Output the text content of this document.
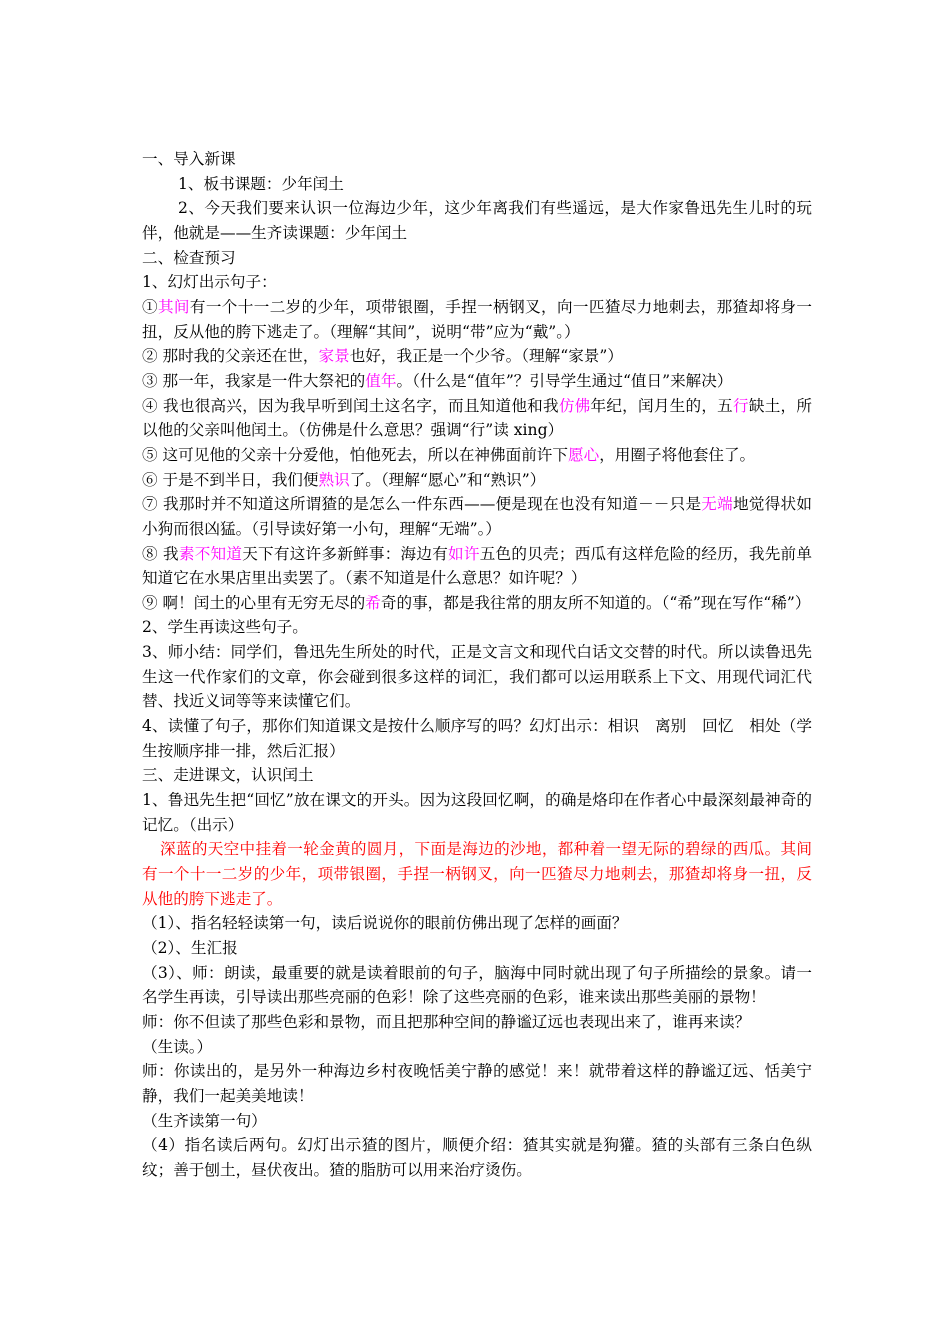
一、导入新课
1、板书课题：少年闰土
2、今天我们要来认识一位海边少年，这少年离我们有些遥远，是大作家鲁迅先生儿时的玩伴，他就是——生齐读课题：少年闰土
二、检查预习
1、幻灯出示句子：
①其间有一个十一二岁的少年，项带银圈，手捏一柄钢叉，向一匹猹尽力地刺去，那猹却将身一扭，反从他的胯下逃走了。（理解“其间”，说明“带”应为“戴”。）
② 那时我的父亲还在世，家景也好，我正是一个少爷。（理解“家景”）
③ 那一年，我家是一件大祭祀的值年。（什么是“值年”？引导学生通过“值日”来解决）
④ 我也很高兴，因为我早听到闰土这名字，而且知道他和我仿佛年纪，闰月生的，五行缺土，所以他的父亲叫他闰土。（仿佛是什么意思？强调“行”读 xing）
⑤ 这可见他的父亲十分爱他，怕他死去，所以在神佛面前许下愿心，用圈子将他套住了。
⑥ 于是不到半日，我们便熟识了。（理解“愿心”和“熟识”）
⑦ 我那时并不知道这所谓猹的是怎么一件东西——便是现在也没有知道－－只是无端地觉得状如小狗而很凶猛。（引导读好第一小句，理解“无端”。）
⑧ 我素不知道天下有这许多新鲜事：海边有如许五色的贝壳；西瓜有这样危险的经历，我先前单知道它在水果店里出卖罢了。（素不知道是什么意思？如许呢？）
⑨ 啊！闰土的心里有无穷无尽的希奇的事，都是我往常的朋友所不知道的。（“希”现在写作“稀”）
2、学生再读这些句子。
3、师小结：同学们，鲁迅先生所处的时代，正是文言文和现代白话文交替的时代。所以读鲁迅先生这一代作家们的文章，你会碰到很多这样的词汇，我们都可以运用联系上下文、用现代词汇代替、找近义词等等来读懂它们。
4、读懂了句子，那你们知道课文是按什么顺序写的吗？幻灯出示：相识　离别　回忆　相处（学生按顺序排一排，然后汇报）
三、走进课文，认识闰土
1、鲁迅先生把“回忆”放在课文的开头。因为这段回忆啊，的确是烙印在作者心中最深刻最神奇的记忆。（出示）
深蓝的天空中挂着一轮金黄的圆月，下面是海边的沙地，都种着一望无际的碧绿的西瓜。其间有一个十一二岁的少年，项带银圈，手捏一柄钢叉，向一匹猹尽力地刺去，那猹却将身一扭，反从他的胯下逃走了。
（1）、指名轻轻读第一句，读后说说你的眼前仿佛出现了怎样的画面？
（2）、生汇报
（3）、师：朗读，最重要的就是读着眼前的句子，脑海中同时就出现了句子所描绘的景象。请一名学生再读，引导读出那些亮丽的色彩！除了这些亮丽的色彩，谁来读出那些美丽的景物！
师：你不但读了那些色彩和景物，而且把那种空间的静谧辽远也表现出来了，谁再来读？
（生读。）
师：你读出的，是另外一种海边乡村夜晚恬美宁静的感觉！来！就带着这样的静谧辽远、恬美宁静，我们一起美美地读！
（生齐读第一句）
（4）指名读后两句。幻灯出示猹的图片，顺便介绍：猹其实就是狗獾。猹的头部有三条白色纵纹；善于刨土，昼伏夜出。猹的脂肪可以用来治疗烫伤。
